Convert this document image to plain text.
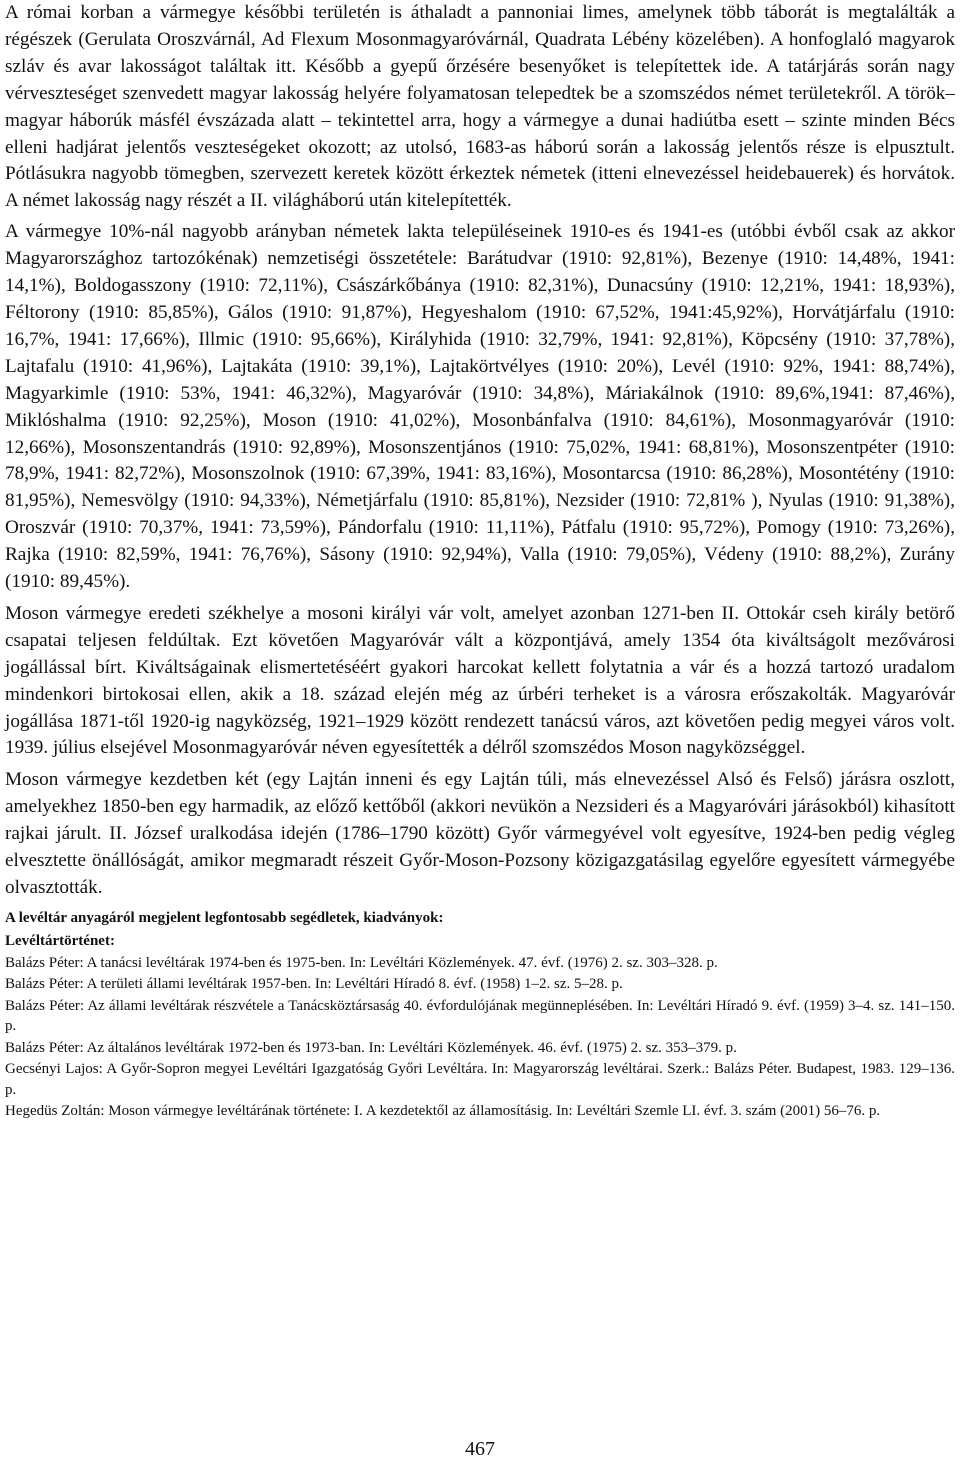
A római korban a vármegye későbbi területén is áthaladt a pannoniai limes, amelynek több táborát is megtalálták a régészek (Gerulata Oroszvárnál, Ad Flexum Mosonmagyaróvárnál, Quadrata Lébény közelében). A honfoglaló magyarok szláv és avar lakosságot találtak itt. Később a gyepű őrzésére besenyőket is telepítettek ide. A tatárjárás során nagy vérveszteséget szenvedett magyar lakosság helyére folyamatosan telepedtek be a szomszédos német területekről. A török–magyar háborúk másfél évszázada alatt – tekintettel arra, hogy a vármegye a dunai hadiútba esett – szinte minden Bécs elleni hadjárat jelentős veszteségeket okozott; az utolsó, 1683-as háború során a lakosság jelentős része is elpusztult. Pótlásukra nagyobb tömegben, szervezett keretek között érkeztek németek (itteni elnevezéssel heidebauerek) és horvátok. A német lakosság nagy részét a II. világháború után kitelepítették.

A vármegye 10%-nál nagyobb arányban németek lakta településeinek 1910-es és 1941-es (utóbbi évből csak az akkor Magyarországhoz tartozókénak) nemzetiségi összetétele: Barátudvar (1910: 92,81%), Bezenye (1910: 14,48%, 1941: 14,1%), Boldogasszony (1910: 72,11%), Császárkőbánya (1910: 82,31%), Dunacsúny (1910: 12,21%, 1941: 18,93%), Féltorony (1910: 85,85%), Gálos (1910: 91,87%), Hegyeshalom (1910: 67,52%, 1941:45,92%), Horvátjárfalu (1910: 16,7%, 1941: 17,66%), Illmic (1910: 95,66%), Királyhida (1910: 32,79%, 1941: 92,81%), Köpcsény (1910: 37,78%), Lajtafalu (1910: 41,96%), Lajtakáta (1910: 39,1%), Lajtakörtvélyes (1910: 20%), Levél (1910: 92%, 1941: 88,74%), Magyarkimle (1910: 53%, 1941: 46,32%), Magyaróvár (1910: 34,8%), Máriakálnok (1910: 89,6%,1941: 87,46%), Miklóshalma (1910: 92,25%), Moson (1910: 41,02%), Mosonbánfalva (1910: 84,61%), Mosonmagyaróvár (1910: 12,66%), Mosonszentandrás (1910: 92,89%), Mosonszentjános (1910: 75,02%, 1941: 68,81%), Mosonszentpéter (1910: 78,9%, 1941: 82,72%), Mosonszolnok (1910: 67,39%, 1941: 83,16%), Mosontarcsa (1910: 86,28%), Mosontétény (1910: 81,95%), Nemesvölgy (1910: 94,33%), Németjárfalu (1910: 85,81%), Nezsider (1910: 72,81% ), Nyulas (1910: 91,38%), Oroszvár (1910: 70,37%, 1941: 73,59%), Pándorfalu (1910: 11,11%), Pátfalu (1910: 95,72%), Pomogy (1910: 73,26%), Rajka (1910: 82,59%, 1941: 76,76%), Sásony (1910: 92,94%), Valla (1910: 79,05%), Védeny (1910: 88,2%), Zurány (1910: 89,45%).

Moson vármegye eredeti székhelye a mosoni királyi vár volt, amelyet azonban 1271-ben II. Ottokár cseh király betörő csapatai teljesen feldúltak. Ezt követően Magyaróvár vált a központjává, amely 1354 óta kiváltságolt mezővárosi jogállással bírt. Kiváltságainak elismertetéséért gyakori harcokat kellett folytatnia a vár és a hozzá tartozó uradalom mindenkori birtokosai ellen, akik a 18. század elején még az úrbéri terheket is a városra erőszakolták. Magyaróvár jogállása 1871-től 1920-ig nagyközség, 1921–1929 között rendezett tanácsú város, azt követően pedig megyei város volt. 1939. július elsejével Mosonmagyaróvár néven egyesítették a délről szomszédos Moson nagyközséggel.

Moson vármegye kezdetben két (egy Lajtán inneni és egy Lajtán túli, más elnevezéssel Alsó és Felső) járásra oszlott, amelyekhez 1850-ben egy harmadik, az előző kettőből (akkori nevükön a Nezsideri és a Magyaróvári járásokból) kihasított rajkai járult. II. József uralkodása idején (1786–1790 között) Győr vármegyével volt egyesítve, 1924-ben pedig végleg elvesztette önállóságát, amikor megmaradt részeit Győr-Moson-Pozsony közigazgatásilag egyelőre egyesített vármegyébe olvasztották.

A levéltár anyagáról megjelent legfontosabb segédletek, kiadványok:
Levéltártörténet:
Balázs Péter: A tanácsi levéltárak 1974-ben és 1975-ben. In: Levéltári Közlemények. 47. évf. (1976) 2. sz. 303–328. p.
Balázs Péter: A területi állami levéltárak 1957-ben. In: Levéltári Híradó 8. évf. (1958) 1–2. sz. 5–28. p.
Balázs Péter: Az állami levéltárak részvétele a Tanácsköztársaság 40. évfordulójának megünneplésében. In: Levéltári Híradó 9. évf. (1959) 3–4. sz. 141–150. p.
Balázs Péter: Az általános levéltárak 1972-ben és 1973-ban. In: Levéltári Közlemények. 46. évf. (1975) 2. sz. 353–379. p.
Gecsényi Lajos: A Győr-Sopron megyei Levéltári Igazgatóság Győri Levéltára. In: Magyarország levéltárai. Szerk.: Balázs Péter. Budapest, 1983. 129–136. p.
Hegedüs Zoltán: Moson vármegye levéltárának története: I. A kezdetektől az államosításig. In: Levéltári Szemle LI. évf. 3. szám (2001) 56–76. p.
467
